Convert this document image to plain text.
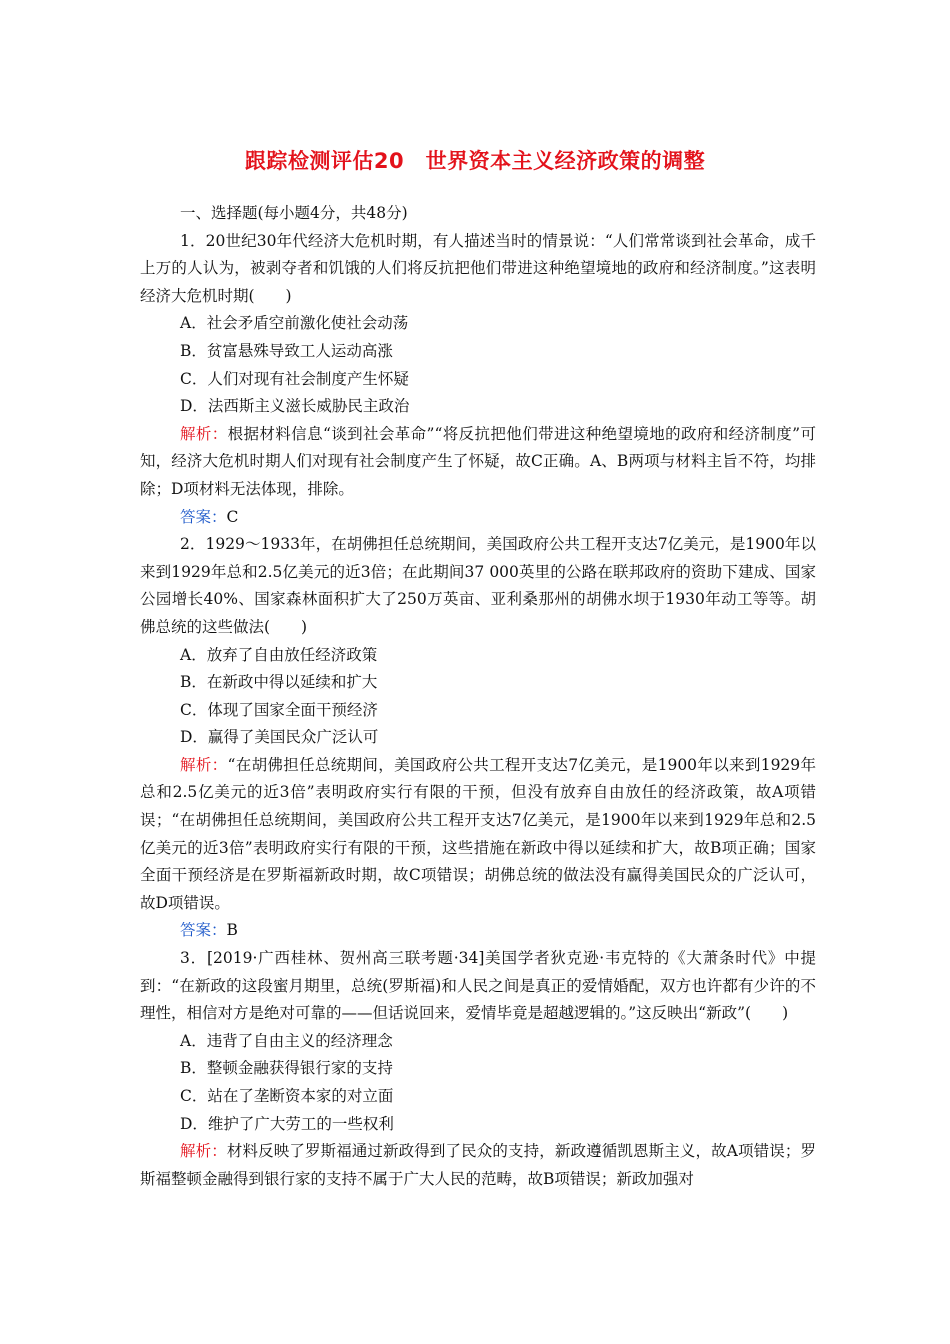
跟踪检测评估20　世界资本主义经济政策的调整

一、选择题(每小题4分，共48分)

1．20世纪30年代经济大危机时期，有人描述当时的情景说：“人们常常谈到社会革命，成千上万的人认为，被剥夺者和饥饿的人们将反抗把他们带进这种绝望境地的政府和经济制度。”这表明经济大危机时期(　　)

A．社会矛盾空前激化使社会动荡

B．贫富悬殊导致工人运动高涨

C．人们对现有社会制度产生怀疑

D．法西斯主义滋长威胁民主政治

解析：根据材料信息“谈到社会革命”“将反抗把他们带进这种绝望境地的政府和经济制度”可知，经济大危机时期人们对现有社会制度产生了怀疑，故C正确。A、B两项与材料主旨不符，均排除；D项材料无法体现，排除。

答案：C

2．1929～1933年，在胡佛担任总统期间，美国政府公共工程开支达7亿美元，是1900年以来到1929年总和2.5亿美元的近3倍；在此期间37 000英里的公路在联邦政府的资助下建成、国家公园增长40%、国家森林面积扩大了250万英亩、亚利桑那州的胡佛水坝于1930年动工等等。胡佛总统的这些做法(　　)

A．放弃了自由放任经济政策

B．在新政中得以延续和扩大

C．体现了国家全面干预经济

D．赢得了美国民众广泛认可

解析：“在胡佛担任总统期间，美国政府公共工程开支达7亿美元，是1900年以来到1929年总和2.5亿美元的近3倍”表明政府实行有限的干预，但没有放弃自由放任的经济政策，故A项错误；“在胡佛担任总统期间，美国政府公共工程开支达7亿美元，是1900年以来到1929年总和2.5亿美元的近3倍”表明政府实行有限的干预，这些措施在新政中得以延续和扩大，故B项正确；国家全面干预经济是在罗斯福新政时期，故C项错误；胡佛总统的做法没有赢得美国民众的广泛认可，故D项错误。

答案：B

3．[2019·广西桂林、贺州高三联考题·34]美国学者狄克逊·韦克特的《大萧条时代》中提到：“在新政的这段蜜月期里，总统(罗斯福)和人民之间是真正的爱情婚配，双方也许都有少许的不理性，相信对方是绝对可靠的——但话说回来，爱情毕竟是超越逻辑的。”这反映出“新政”(　　)

A．违背了自由主义的经济理念

B．整顿金融获得银行家的支持

C．站在了垄断资本家的对立面

D．维护了广大劳工的一些权利

解析：材料反映了罗斯福通过新政得到了民众的支持，新政遵循凯恩斯主义，故A项错误；罗斯福整顿金融得到银行家的支持不属于广大人民的范畴，故B项错误；新政加强对
